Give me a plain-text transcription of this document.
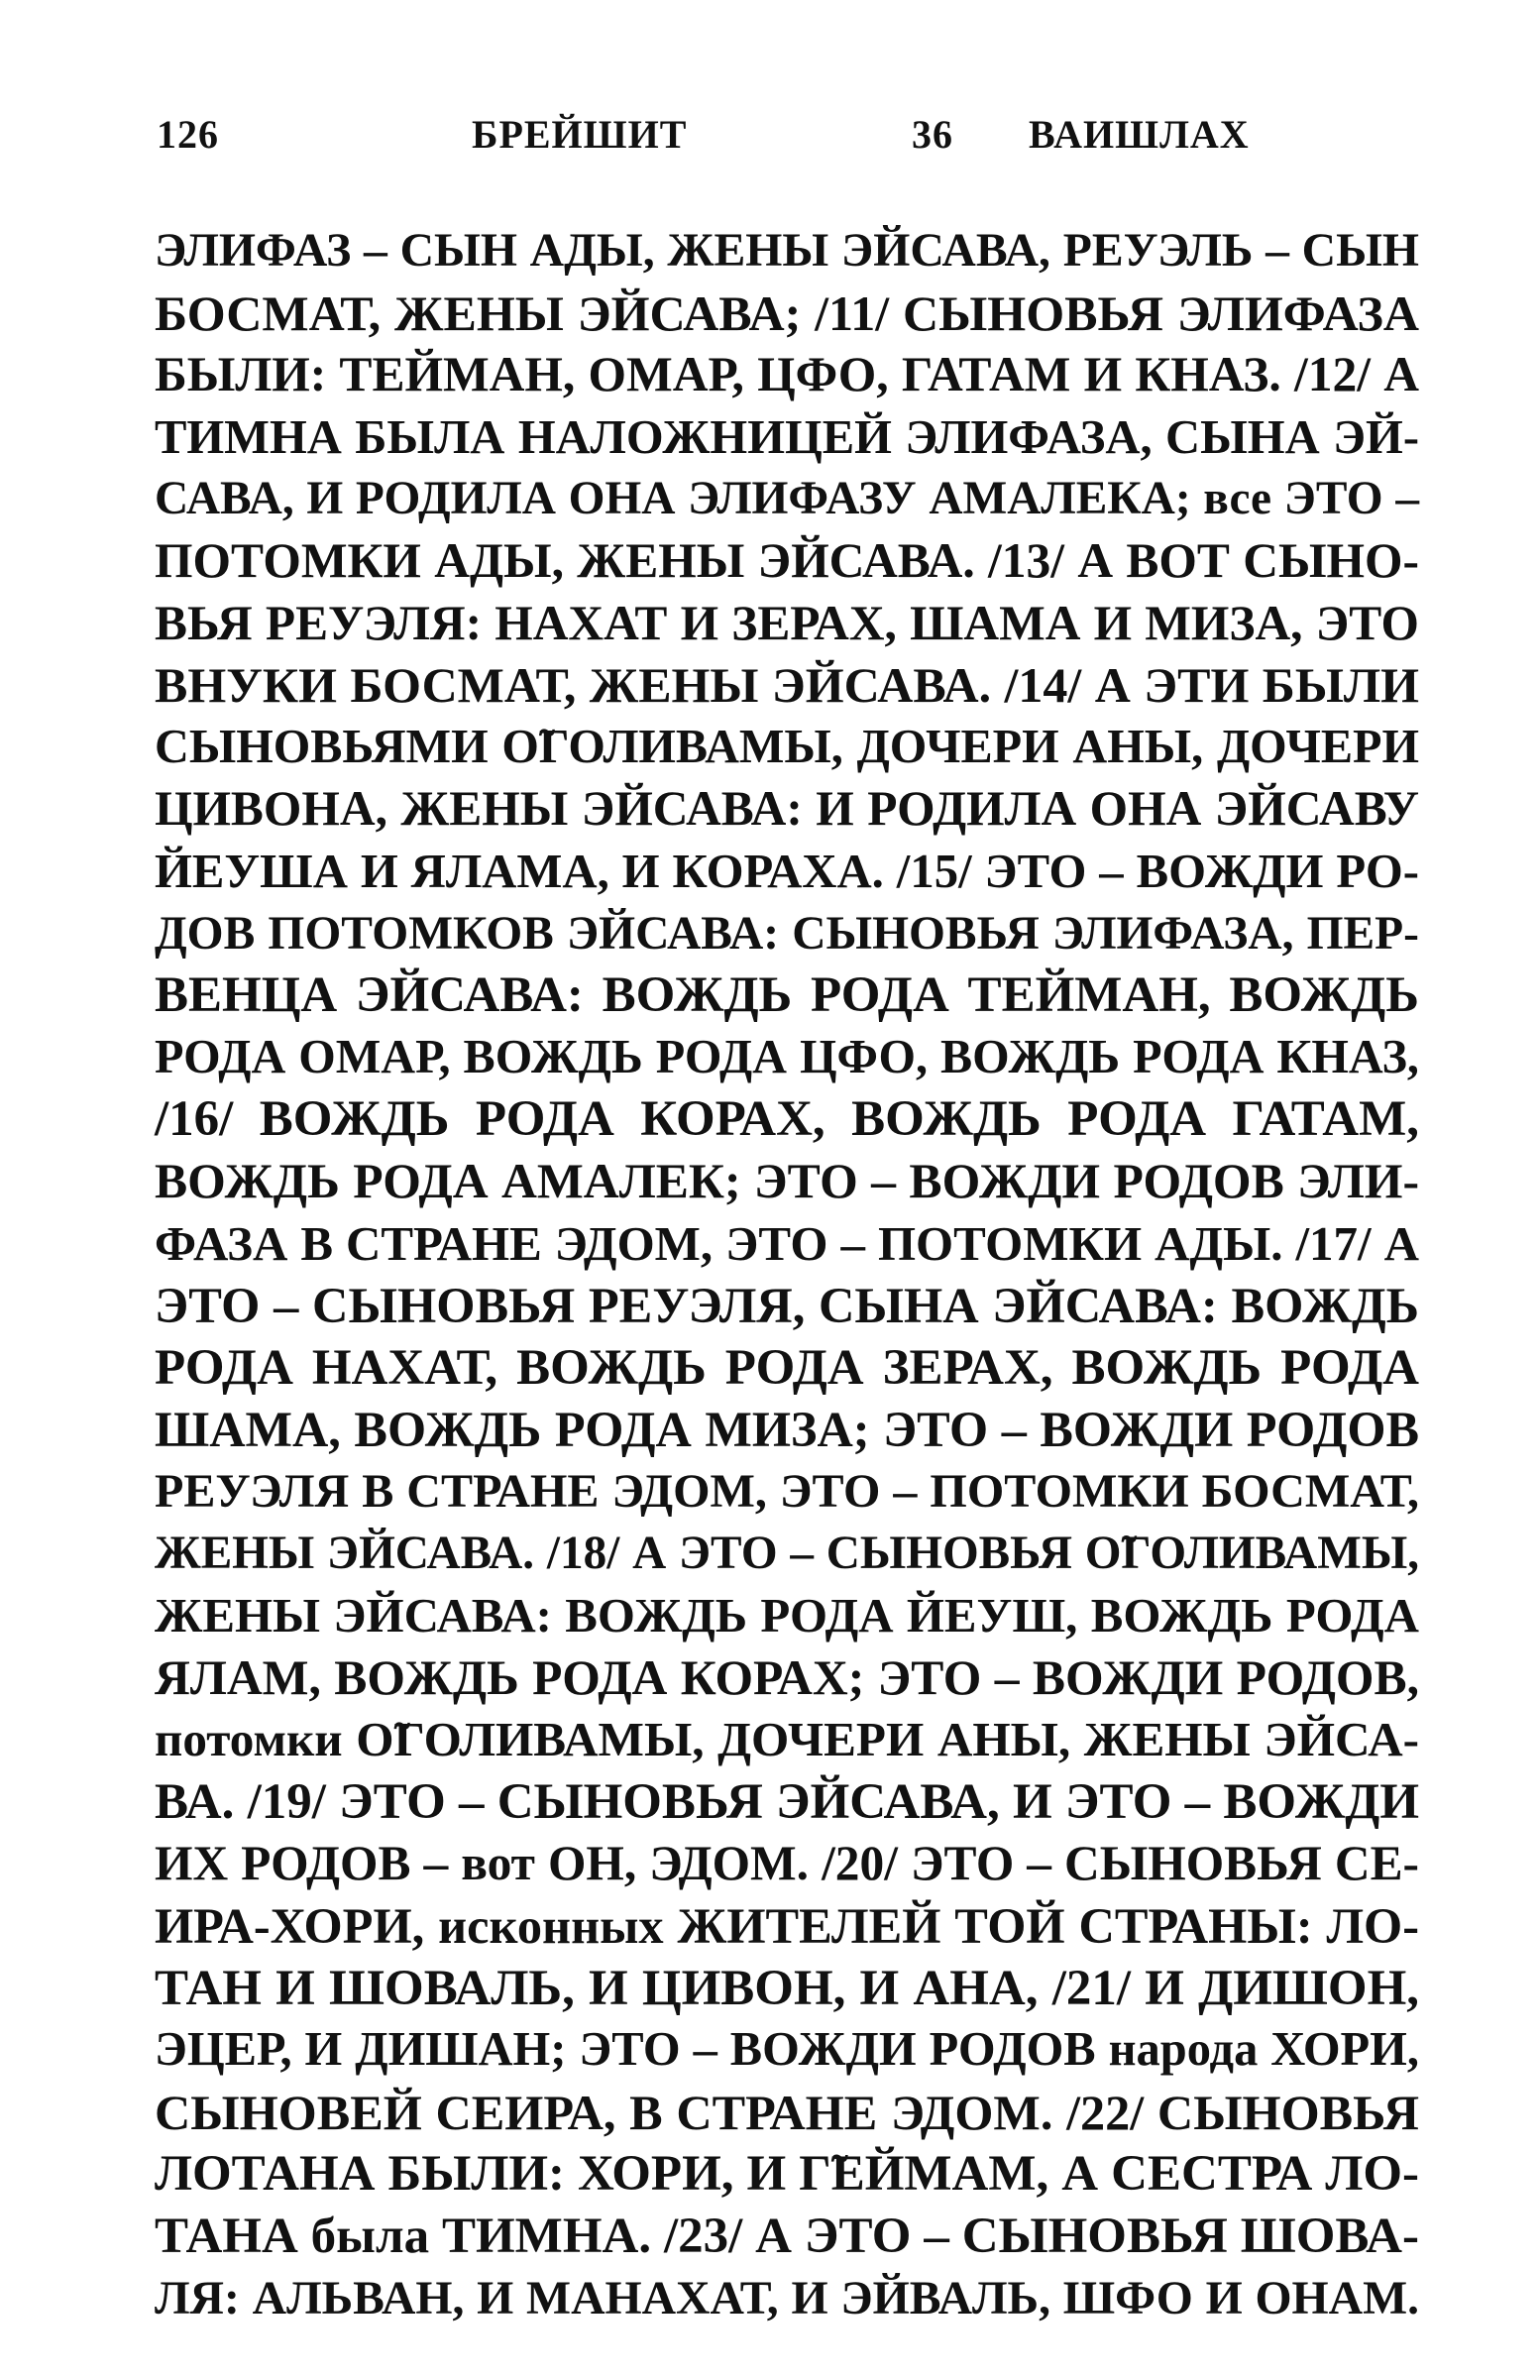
126	БРЕЙШИТ	36 ВАИШЛАХ
ЭЛИФАЗ – СЫН АДЫ, ЖЕНЫ ЭЙСАВА, РЕУЭЛЬ – СЫН
БОСМАТ, ЖЕНЫ ЭЙСАВА; /11/ СЫНОВЬЯ ЭЛИФАЗА
БЫЛИ: ТЕЙМАН, ОМАР, ЦФО, ГАТАМ И КНАЗ. /12/ А
ТИМНА БЫЛА НАЛОЖНИЦЕЙ ЭЛИФАЗА, СЫНА ЭЙ-
САВА, И РОДИЛА ОНА ЭЛИФАЗУ АМАЛЕКА; все ЭТО –
ПОТОМКИ АДЫ, ЖЕНЫ ЭЙСАВА. /13/ А ВОТ СЫНО-
ВЬЯ РЕУЭЛЯ: НАХАТ И ЗЕРАХ, ШАМА И МИЗА, ЭТО
ВНУКИ БОСМАТ, ЖЕНЫ ЭЙСАВА. /14/ А ЭТИ БЫЛИ
СЫНОВЬЯМИ О̃ГОЛИВАМЫ, ДОЧЕРИ АНЫ, ДОЧЕРИ
ЦИВОНА, ЖЕНЫ ЭЙСАВА: И РОДИЛА ОНА ЭЙСАВУ
ЙЕУША И ЯЛАМА, И КОРАХА. /15/ ЭТО – ВОЖДИ РО-
ДОВ ПОТОМКОВ ЭЙСАВА: СЫНОВЬЯ ЭЛИФАЗА, ПЕР-
ВЕНЦА ЭЙСАВА: ВОЖДЬ РОДА ТЕЙМАН, ВОЖДЬ
РОДА ОМАР, ВОЖДЬ РОДА ЦФО, ВОЖДЬ РОДА КНАЗ,
/16/ ВОЖДЬ РОДА КОРАХ, ВОЖДЬ РОДА ГАТАМ,
ВОЖДЬ РОДА АМАЛЕК; ЭТО – ВОЖДИ РОДОВ ЭЛИ-
ФАЗА В СТРАНЕ ЭДОМ, ЭТО – ПОТОМКИ АДЫ. /17/ А
ЭТО – СЫНОВЬЯ РЕУЭЛЯ, СЫНА ЭЙСАВА: ВОЖДЬ
РОДА НАХАТ, ВОЖДЬ РОДА ЗЕРАХ, ВОЖДЬ РОДА
ШАМА, ВОЖДЬ РОДА МИЗА; ЭТО – ВОЖДИ РОДОВ
РЕУЭЛЯ В СТРАНЕ ЭДОМ, ЭТО – ПОТОМКИ БОСМАТ,
ЖЕНЫ ЭЙСАВА. /18/ А ЭТО – СЫНОВЬЯ О̃ГОЛИВАМЫ,
ЖЕНЫ ЭЙСАВА: ВОЖДЬ РОДА ЙЕУШ, ВОЖДЬ РОДА
ЯЛАМ, ВОЖДЬ РОДА КОРАХ; ЭТО – ВОЖДИ РОДОВ,
потомки О̃ГОЛИВАМЫ, ДОЧЕРИ АНЫ, ЖЕНЫ ЭЙСА-
ВА. /19/ ЭТО – СЫНОВЬЯ ЭЙСАВА, И ЭТО – ВОЖДИ
ИХ РОДОВ – вот ОН, ЭДОМ. /20/ ЭТО – СЫНОВЬЯ СЕ-
ИРА-ХОРИ, исконных ЖИТЕЛЕЙ ТОЙ СТРАНЫ: ЛО-
ТАН И ШОВАЛЬ, И ЦИВОН, И АНА, /21/ И ДИШОН,
ЭЦЕР, И ДИШАН; ЭТО – ВОЖДИ РОДОВ народа ХОРИ,
СЫНОВЕЙ СЕИРА, В СТРАНЕ ЭДОМ. /22/ СЫНОВЬЯ
ЛОТАНА БЫЛИ: ХОРИ, И Г̃ЕЙМАМ, А СЕСТРА ЛО-
ТАНА была ТИМНА. /23/ А ЭТО – СЫНОВЬЯ ШОВА-
ЛЯ: АЛЬВАН, И МАНАХАТ, И ЭЙВАЛЬ, ШФО И ОНАМ.
